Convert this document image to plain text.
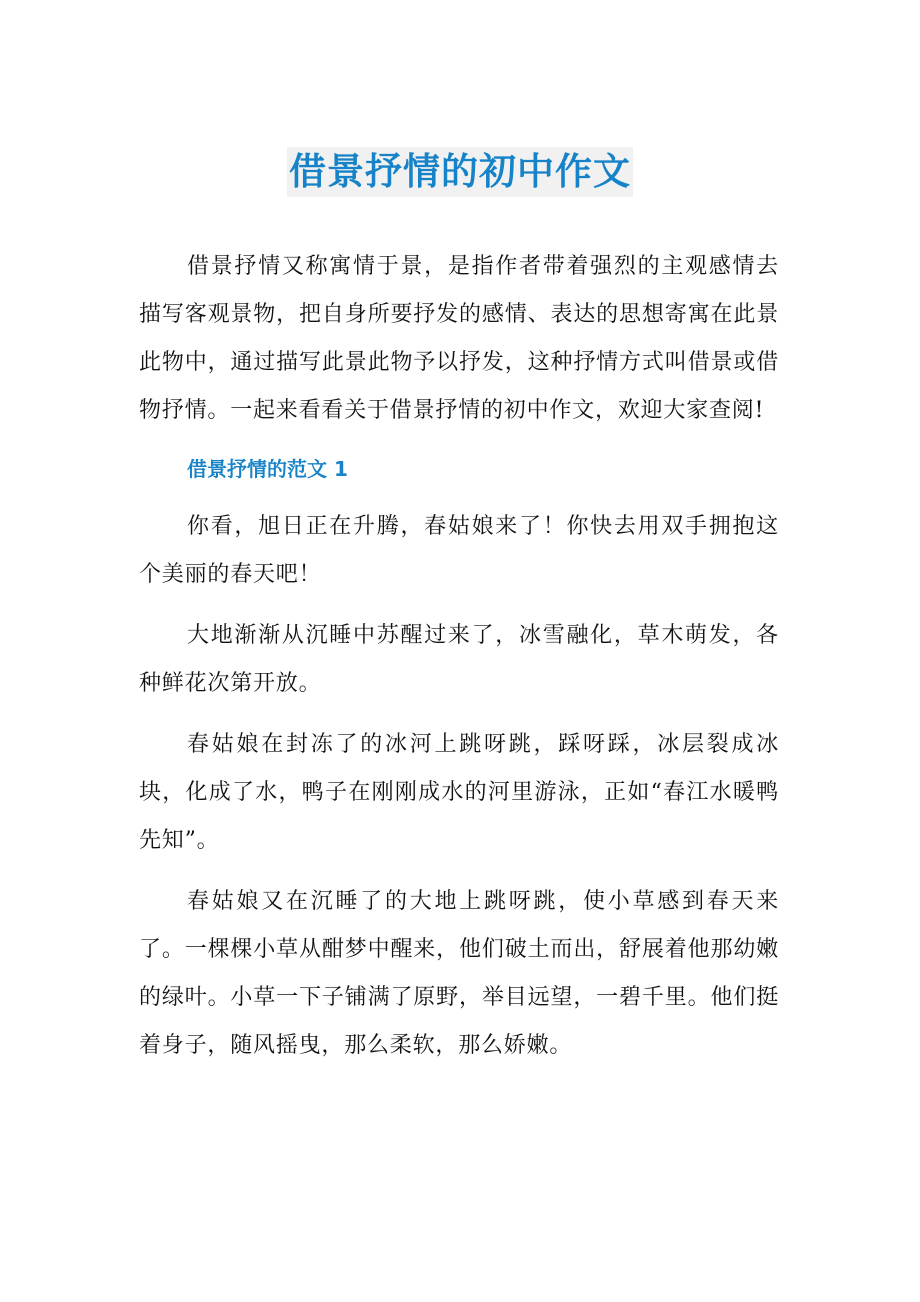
借景抒情的初中作文

借景抒情又称寓情于景，是指作者带着强烈的主观感情去描写客观景物，把自身所要抒发的感情、表达的思想寄寓在此景此物中，通过描写此景此物予以抒发，这种抒情方式叫借景或借物抒情。一起来看看关于借景抒情的初中作文，欢迎大家查阅!

借景抒情的范文 1

你看，旭日正在升腾，春姑娘来了！你快去用双手拥抱这个美丽的春天吧！

大地渐渐从沉睡中苏醒过来了，冰雪融化，草木萌发，各种鲜花次第开放。

春姑娘在封冻了的冰河上跳呀跳，踩呀踩，冰层裂成冰块，化成了水，鸭子在刚刚成水的河里游泳，正如“春江水暖鸭先知”。

春姑娘又在沉睡了的大地上跳呀跳，使小草感到春天来了。一棵棵小草从酣梦中醒来，他们破土而出，舒展着他那幼嫩的绿叶。小草一下子铺满了原野，举目远望，一碧千里。他们挺着身子，随风摇曳，那么柔软，那么娇嫩。
